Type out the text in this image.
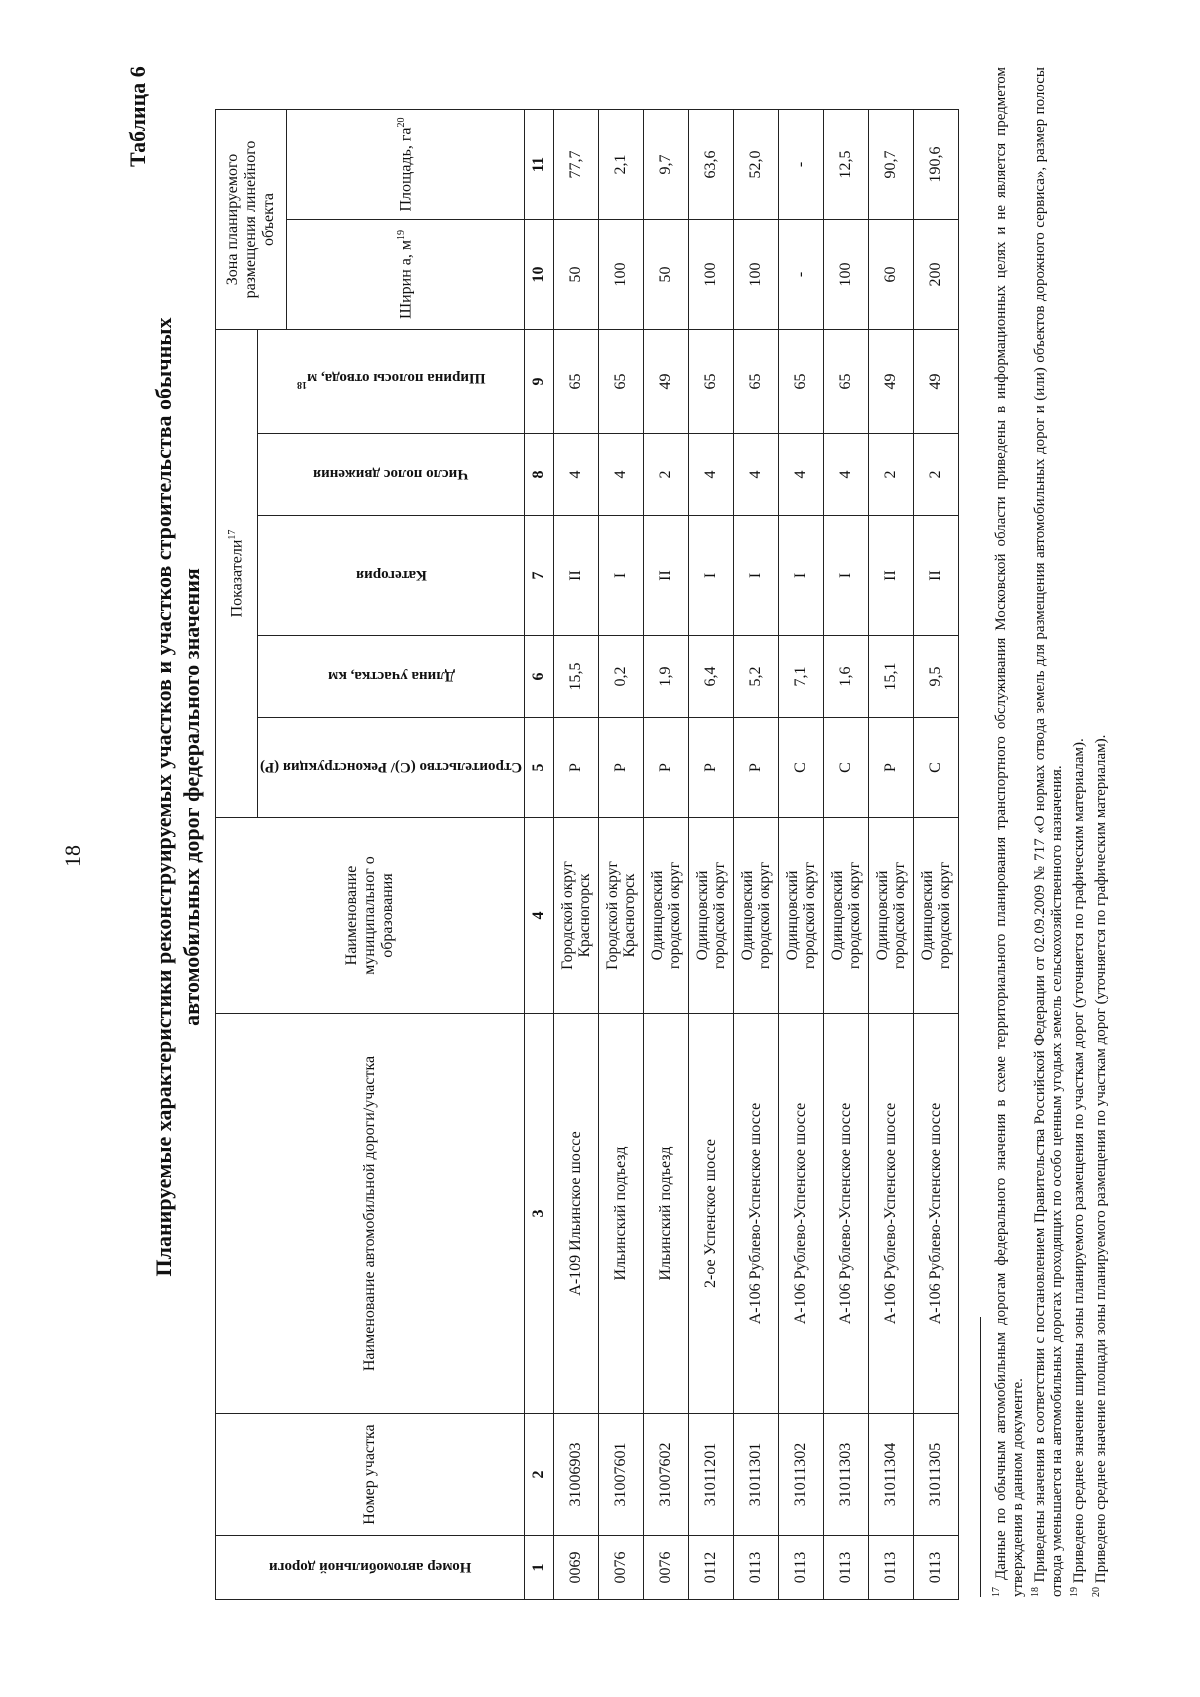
18
Таблица 6
Планируемые характеристики реконструируемых участков и участков строительства обычных автомобильных дорог федерального значения
Номер автомобильной дороги	Номер участка	Наименование автомобильной дороги/участка	Наименование муниципальног о образования	Показатели$^{17}$					Зона планируемого размещения линейного объекта	

				Строительство (С)/ Реконструкция (Р)	Длина участка, км	Категория	Число полос движения	Ширина полосы отвода, $м^{18}$

									Ширин а, $м^{19}$	Площадь, $га^{20}$
1	2	3	4	5	6	7	8	9	10	11
0069	31006903	А-109 Ильинское шоссе	Городской округ
Красногорск	Р	15,5	II	4	65	50	77,7
0076	31007601	Ильинский подъезд	Городской округ
Красногорск	Р	0,2	I	4	65	100	2,1
0076	31007602	Ильинский подъезд	Одинцовский
городской округ	Р	1,9	II	2	49	50	9,7
0112	31011201	2-ое Успенское шоссе	Одинцовский
городской округ	Р	6,4	I	4	65	100	63,6
0113	31011301	А-106 Рублево-Успенское шоссе	Одинцовский
городской округ	Р	5,2	I	4	65	100	52,0
0113	31011302	А-106 Рублево-Успенское шоссе	Одинцовский
городской округ	С	7,1	I	4	65	-	-
0113	31011303	А-106 Рублево-Успенское шоссе	Одинцовский
городской округ	С	1,6	I	4	65	100	12,5
0113	31011304	А-106 Рублево-Успенское шоссе	Одинцовский
городской округ	Р	15,1	II	2	49	60	90,7
0113	31011305	А-106 Рублево-Успенское шоссе	Одинцовский
городской округ	С	9,5	II	2	49	200	190,6

$^{17}$ Данные по обычным автомобильным дорогам федерального значения в схеме территориального планирования транспортного обслуживания Московской области приведены в информационных целях и не является предметом утверждения в данном документе. $^{18}$ Приведены значения в соответствии с постановлением Правительства Российской Федерации от 02.09.2009 № 717 «О нормах отвода земель для размещения автомобильных дорог и (или) объектов дорожного сервиса», размер полосы отвода уменьшается на автомобильных дорогах проходящих по особо ценным угодьях земель сельскохозяйственного назначения. $^{19}$ Приведено среднее значение ширины зоны планируемого размещения по участкам дорог (уточняется по графическим материалам).

$^{20}$ Приведено среднее значение площади зоны планируемого размещения по участкам дорог (уточняется по графическим материалам).
